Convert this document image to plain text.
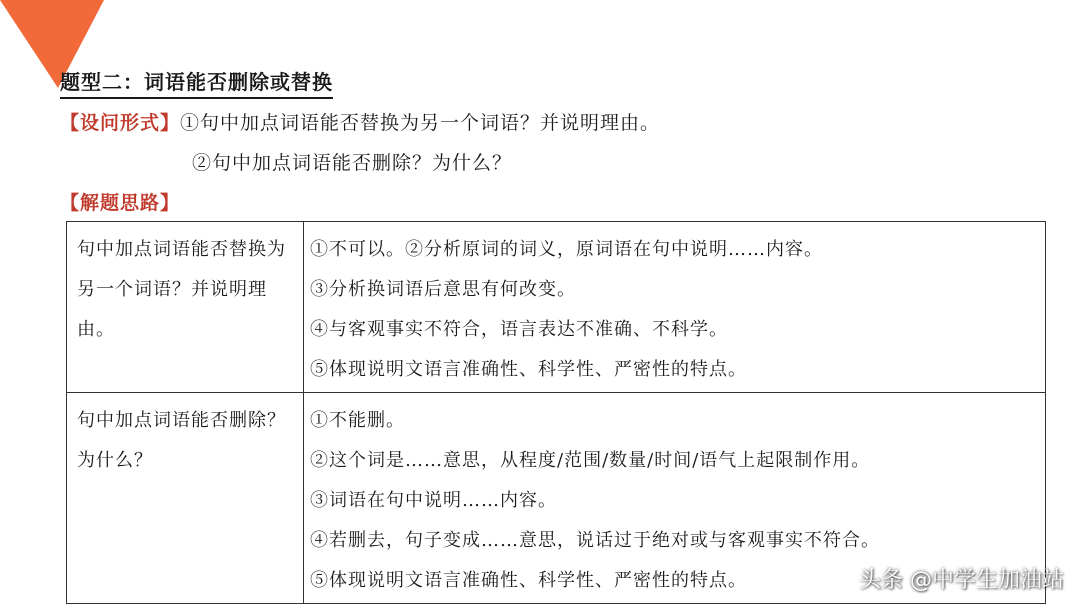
题型二：词语能否删除或替换
【设问形式】①句中加点词语能否替换为另一个词语？并说明理由。
②句中加点词语能否删除？为什么？
【解题思路】
句中加点词语能否替换为另一个词语？并说明理由。	①不可以。②分析原词的词义，原词语在句中说明……内容。
③分析换词语后意思有何改变。
④与客观事实不符合，语言表达不准确、不科学。
⑤体现说明文语言准确性、科学性、严密性的特点。

句中加点词语能否删除？为什么？	①不能删。
②这个词是……意思，从程度/范围/数量/时间/语气上起限制作用。
③词语在句中说明……内容。
④若删去，句子变成……意思，说话过于绝对或与客观事实不符合。
⑤体现说明文语言准确性、科学性、严密性的特点。	头条 @中学生加油站
